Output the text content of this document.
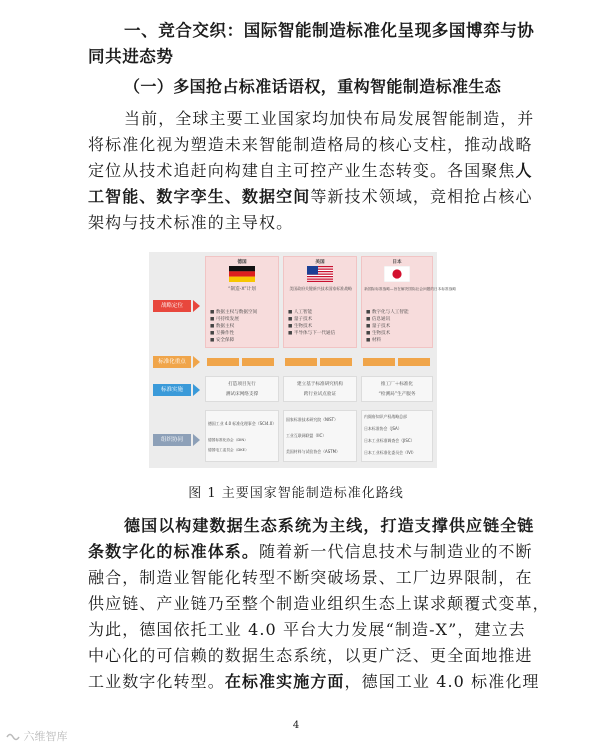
一、竞合交织：国际智能制造标准化呈现多国博弈与协
同共进态势
（一）多国抢占标准话语权，重构智能制造标准生态
当前，全球主要工业国家均加快布局发展智能制造，并
将标准化视为塑造未来智能制造格局的核心支柱，推动战略
定位从技术追赶向构建自主可控产业生态转变。各国聚焦人
工智能、数字孪生、数据空间等新技术领域，竞相抢占核心
架构与技术标准的主导权。
战略定位
标准化重点
标准实施
组织协同
德国
“制造-X”计划
■ 数据主权与数据空间
■ 可持续发展
■ 数据主权
■ 互操作性
■ 安全保障
美国
美国政府关键新兴技术国家标准战略
■ 人工智能
■ 量子技术
■ 生物技术
■ 半导体与下一代通信
日本
新国际标准战略—旨在解决国际社会问题的日本标准战略
■ 数字化与人工智能
■ 信息通讯
■ 量子技术
■ 生物技术
■ 材料
打造项目先行
测试床网络支撑
建立基于标准研究机构
跨行业试点验证
推工厂＋标准化
“检测局”生产服务
德国工业 4.0 标准化理事会（SCI4.0）
德国标准化协会（DIN）
德国电工委员会（DKE）
国家标准技术研究院（NIST）
工业互联网联盟（IIC）
美国材料与试验协会（ASTM）
内阁府知识产权战略总部
日本标准协会（JSA）
日本工业标准调查会（JISC）
日本工业标准化委员会（IVI）
图 1 主要国家智能制造标准化路线
德国以构建数据生态系统为主线，打造支撑供应链全链
条数字化的标准体系。随着新一代信息技术与制造业的不断
融合，制造业智能化转型不断突破场景、工厂边界限制，在
供应链、产业链乃至整个制造业组织生态上谋求颠覆式变革，
为此，德国依托工业 4.0 平台大力发展“制造-X”，建立去
中心化的可信赖的数据生态系统，以更广泛、更全面地推进
工业数字化转型。在标准实施方面，德国工业 4.0 标准化理
4
六维智库
